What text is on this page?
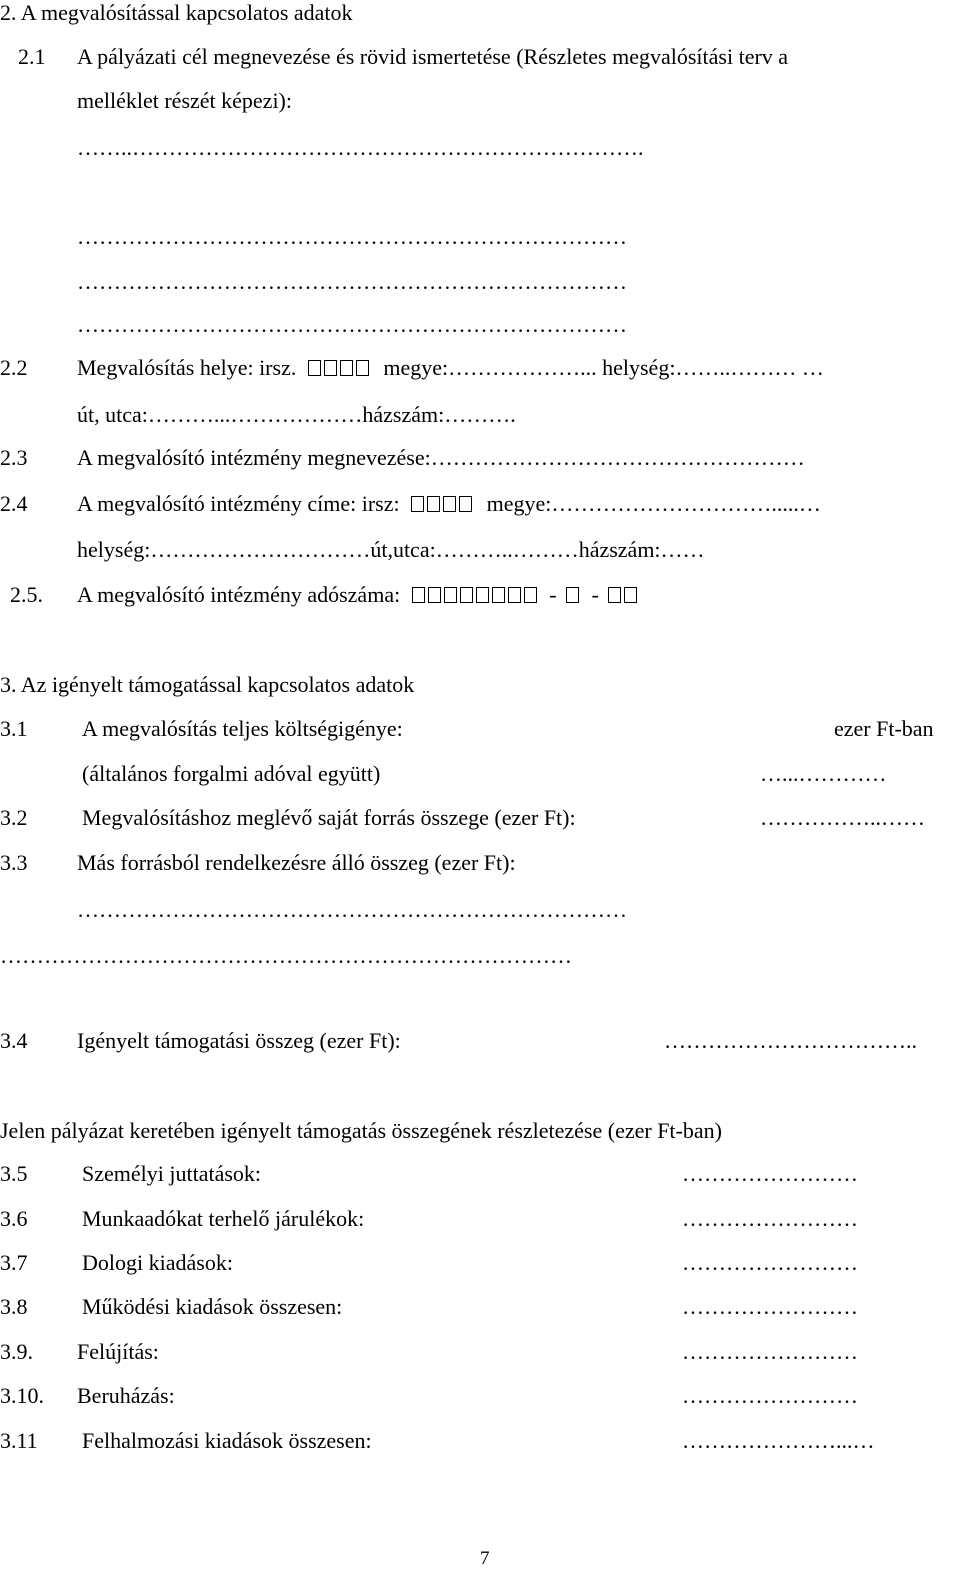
2. A megvalósítással kapcsolatos adatok
2.1 A pályázati cél megnevezése és rövid ismertetése (Részletes megvalósítási terv a
melléklet részét képezi):
……..…………………………………………………………….
…………………………………………………………………
…………………………………………………………………
…………………………………………………………………
2.2 Megvalósítás helye: irsz.	megye:………………... helység:……..……… …
út, utca:………...………………házszám:……….
2.3 A megvalósító intézmény megnevezése:……………………………………………
2.4 A megvalósító intézmény címe: irsz:	megye:………………………….....…
helység:…………………………út,utca:………..………házszám:……
2.5. A megvalósító intézmény adószáma:	- -
3. Az igényelt támogatással kapcsolatos adatok
3.1 A megvalósítás teljes költségigénye:	ezer Ft-ban
(általános forgalmi adóval együtt)	…...…………
3.2 Megvalósításhoz meglévő saját forrás összege (ezer Ft):	……………..……
3.3 Más forrásból rendelkezésre álló összeg (ezer Ft):
…………………………………………………………………
……………………………………………………………………
3.4 Igényelt támogatási összeg (ezer Ft):	……………………………..
Jelen pályázat keretében igényelt támogatás összegének részletezése (ezer Ft-ban)
3.5 Személyi juttatások:	……………………
3.6 Munkaadókat terhelő járulékok:	……………………
3.7 Dologi kiadások:	……………………
3.8 Működési kiadások összesen:	……………………
3.9. Felújítás:	……………………
3.10. Beruházás:	……………………
3.11 Felhalmozási kiadások összesen:	…………………...…
7
